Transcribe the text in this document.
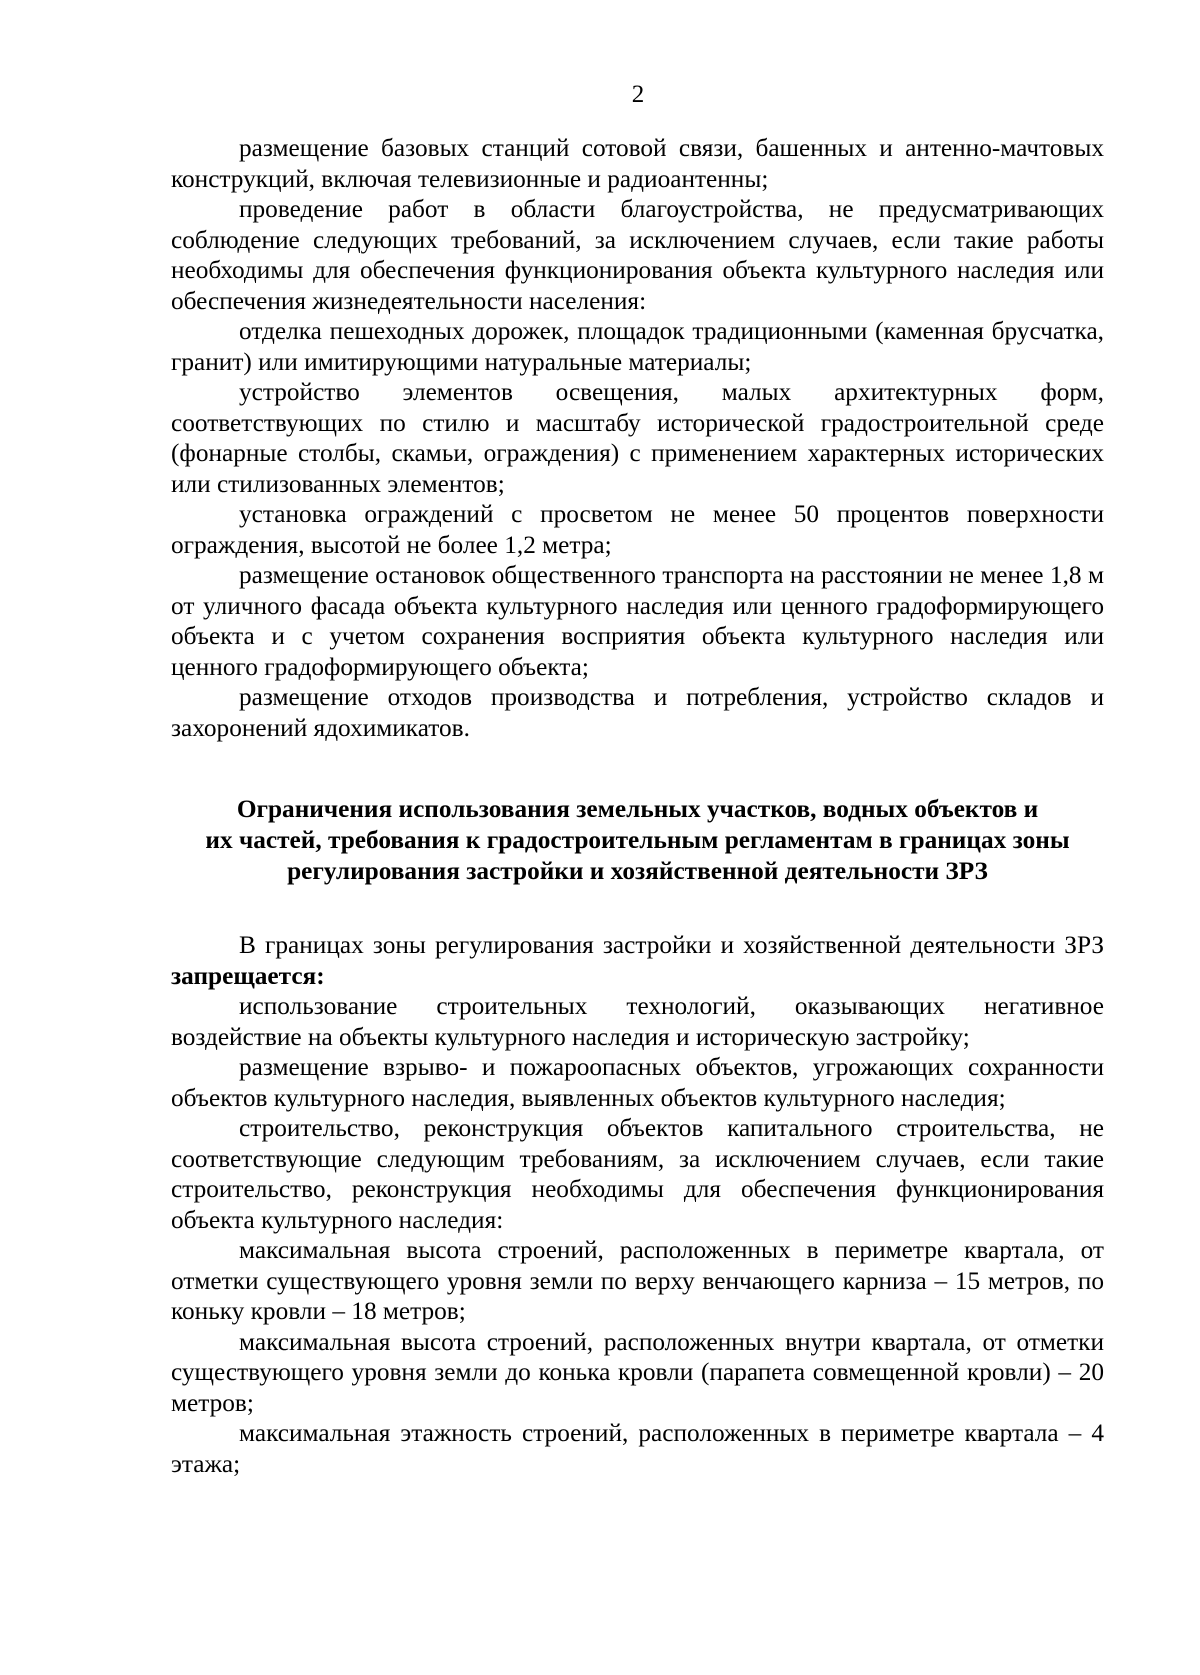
2

размещение базовых станций сотовой связи, башенных и антенно-мачтовых конструкций, включая телевизионные и радиоантенны;

проведение работ в области благоустройства, не предусматривающих соблюдение следующих требований, за исключением случаев, если такие работы необходимы для обеспечения функционирования объекта культурного наследия или обеспечения жизнедеятельности населения:

отделка пешеходных дорожек, площадок традиционными (каменная брусчатка, гранит) или имитирующими натуральные материалы;

устройство элементов освещения, малых архитектурных форм, соответствующих по стилю и масштабу исторической градостроительной среде (фонарные столбы, скамьи, ограждения) с применением характерных исторических или стилизованных элементов;

установка ограждений с просветом не менее 50 процентов поверхности ограждения, высотой не более 1,2 метра;

размещение остановок общественного транспорта на расстоянии не менее 1,8 м от уличного фасада объекта культурного наследия или ценного градоформирующего объекта и с учетом сохранения восприятия объекта культурного наследия или ценного градоформирующего объекта;

размещение отходов производства и потребления, устройство складов и захоронений ядохимикатов.

Ограничения использования земельных участков, водных объектов и
их частей, требования к градостроительным регламентам в границах зоны
регулирования застройки и хозяйственной деятельности ЗРЗ

В границах зоны регулирования застройки и хозяйственной деятельности ЗРЗ запрещается:

использование строительных технологий, оказывающих негативное воздействие на объекты культурного наследия и историческую застройку;

размещение взрыво- и пожароопасных объектов, угрожающих сохранности объектов культурного наследия, выявленных объектов культурного наследия;

строительство, реконструкция объектов капитального строительства, не соответствующие следующим требованиям, за исключением случаев, если такие строительство, реконструкция необходимы для обеспечения функционирования объекта культурного наследия:

максимальная высота строений, расположенных в периметре квартала, от отметки существующего уровня земли по верху венчающего карниза – 15 метров, по коньку кровли – 18 метров;

максимальная высота строений, расположенных внутри квартала, от отметки существующего уровня земли до конька кровли (парапета совмещенной кровли) – 20 метров;

максимальная этажность строений, расположенных в периметре квартала – 4 этажа;
